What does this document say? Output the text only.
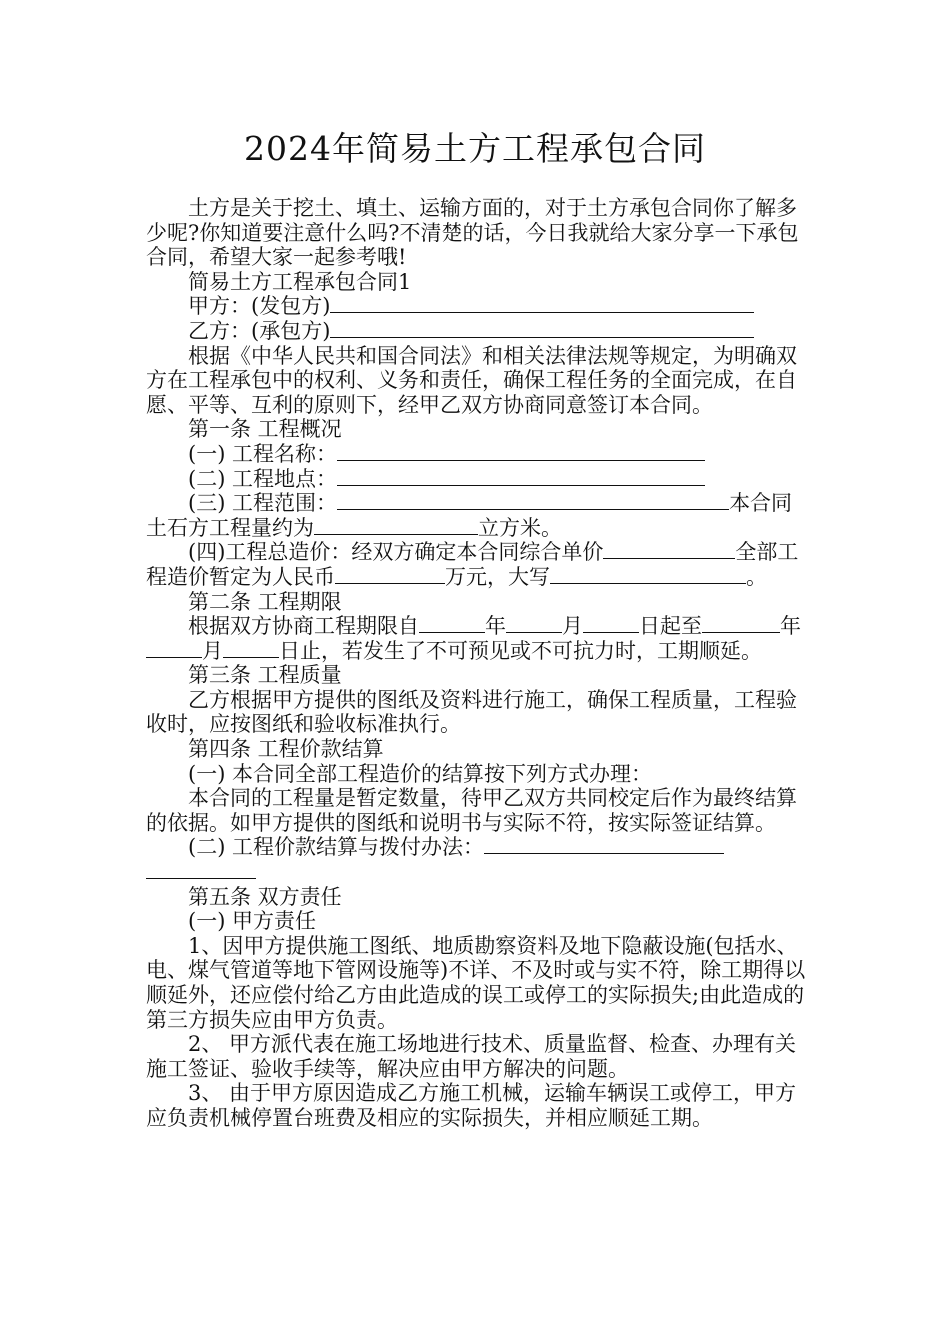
2024年简易土方工程承包合同

土方是关于挖土、填土、运输方面的，对于土方承包合同你了解多少呢?你知道要注意什么吗?不清楚的话，今日我就给大家分享一下承包合同，希望大家一起参考哦!

简易土方工程承包合同1

甲方：(发包方)

乙方：(承包方)

根据《中华人民共和国合同法》和相关法律法规等规定，为明确双方在工程承包中的权利、义务和责任，确保工程任务的全面完成，在自愿、平等、互利的原则下，经甲乙双方协商同意签订本合同。

第一条 工程概况

(一) 工程名称：

(二) 工程地点：

(三) 工程范围：	本合同土石方工程量约为	立方米。

(四)工程总造价：经双方确定本合同综合单价	全部工程造价暂定为人民币	万元，大写	。

第二条 工程期限

根据双方协商工程期限自	年	月	日起至	年月	日止，若发生了不可预见或不可抗力时，工期顺延。

第三条 工程质量

乙方根据甲方提供的图纸及资料进行施工，确保工程质量，工程验收时，应按图纸和验收标准执行。

第四条 工程价款结算

(一) 本合同全部工程造价的结算按下列方式办理：

本合同的工程量是暂定数量，待甲乙双方共同校定后作为最终结算的依据。如甲方提供的图纸和说明书与实际不符，按实际签证结算。

(二) 工程价款结算与拨付办法：

第五条 双方责任

(一) 甲方责任

1、因甲方提供施工图纸、地质勘察资料及地下隐蔽设施(包括水、电、煤气管道等地下管网设施等)不详、不及时或与实不符，除工期得以顺延外，还应偿付给乙方由此造成的误工或停工的实际损失;由此造成的第三方损失应由甲方负责。

2、 甲方派代表在施工场地进行技术、质量监督、检查、办理有关施工签证、验收手续等，解决应由甲方解决的问题。

3、 由于甲方原因造成乙方施工机械，运输车辆误工或停工，甲方应负责机械停置台班费及相应的实际损失，并相应顺延工期。
